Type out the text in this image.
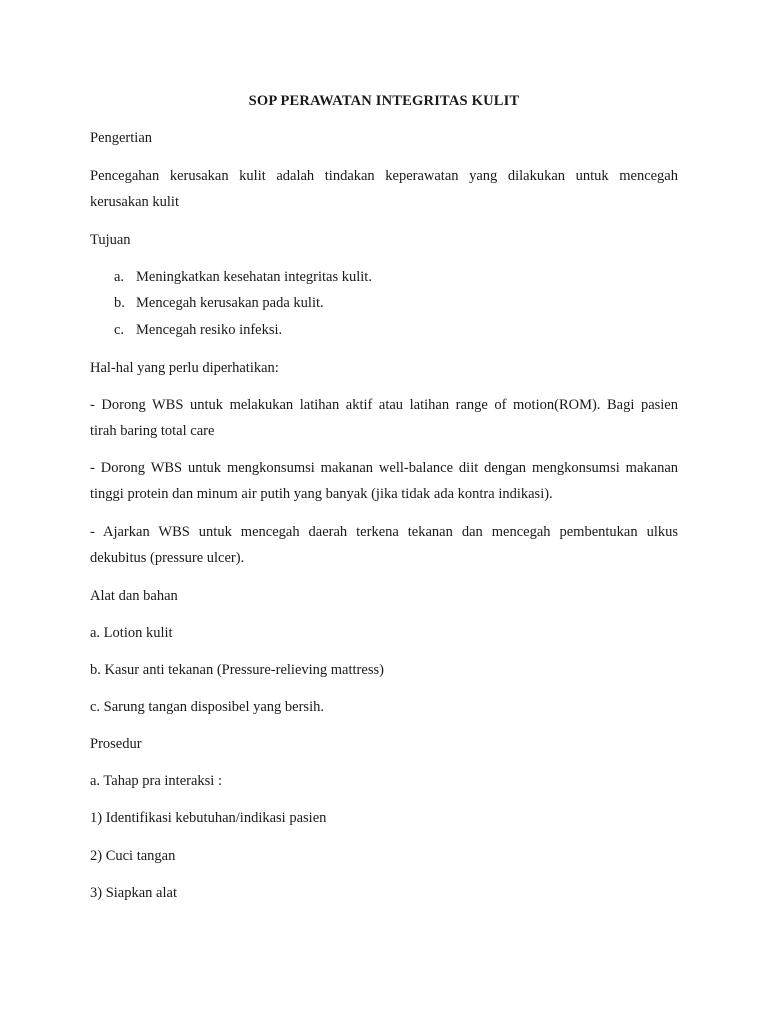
SOP PERAWATAN INTEGRITAS KULIT
Pengertian
Pencegahan kerusakan kulit adalah tindakan keperawatan yang dilakukan untuk mencegah
kerusakan kulit
Tujuan
a. Meningkatkan kesehatan integritas kulit.
b. Mencegah kerusakan pada kulit.
c. Mencegah resiko infeksi.
Hal-hal yang perlu diperhatikan:
- Dorong WBS untuk melakukan latihan aktif atau latihan range of motion(ROM). Bagi pasien
tirah baring total care
- Dorong WBS untuk mengkonsumsi makanan well-balance diit dengan mengkonsumsi makanan
tinggi protein dan minum air putih yang banyak (jika tidak ada kontra indikasi).
- Ajarkan WBS untuk mencegah daerah terkena tekanan dan mencegah pembentukan ulkus
dekubitus (pressure ulcer).
Alat dan bahan
a. Lotion kulit
b. Kasur anti tekanan (Pressure-relieving mattress)
c. Sarung tangan disposibel yang bersih.
Prosedur
a. Tahap pra interaksi :
1) Identifikasi kebutuhan/indikasi pasien
2) Cuci tangan
3) Siapkan alat
